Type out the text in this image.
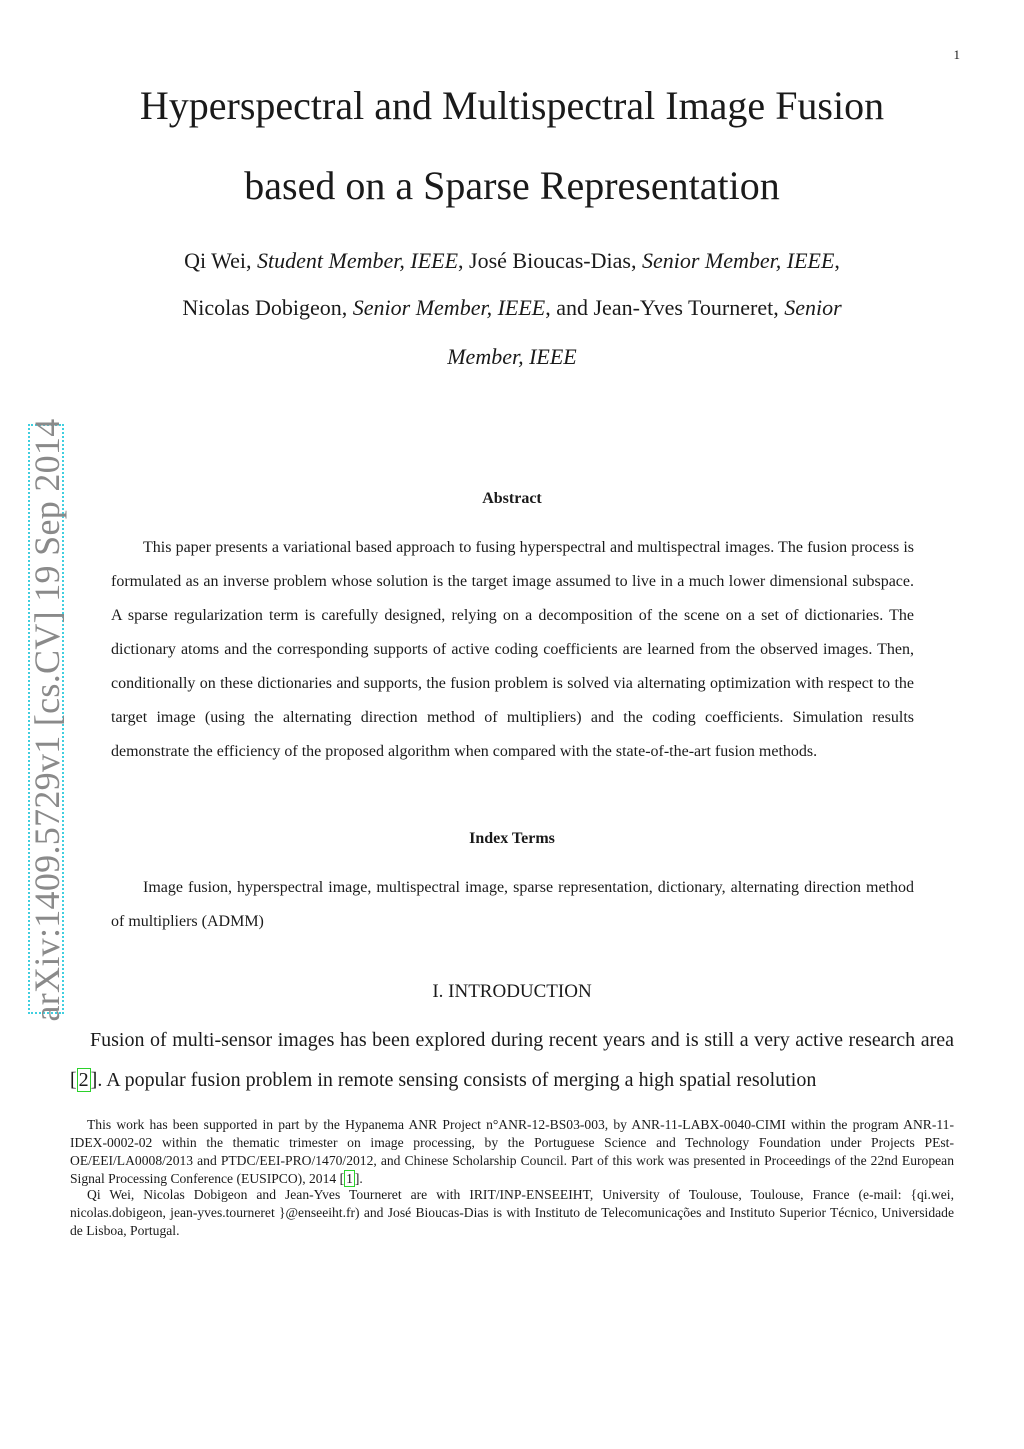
1
Hyperspectral and Multispectral Image Fusion
based on a Sparse Representation
Qi Wei, Student Member, IEEE, José Bioucas-Dias, Senior Member, IEEE,
Nicolas Dobigeon, Senior Member, IEEE, and Jean-Yves Tourneret, Senior
Member, IEEE
arXiv:1409.5729v1 [cs.CV] 19 Sep 2014	Abstract

This paper presents a variational based approach to fusing hyperspectral and multispectral images. The fusion process is formulated as an inverse problem whose solution is the target image assumed to live in a much lower dimensional subspace. A sparse regularization term is carefully designed, relying on a decomposition of the scene on a set of dictionaries. The dictionary atoms and the corresponding supports of active coding coefficients are learned from the observed images. Then, conditionally on these dictionaries and supports, the fusion problem is solved via alternating optimization with respect to the target image (using the alternating direction method of multipliers) and the coding coefficients. Simulation results demonstrate the efficiency of the proposed algorithm when compared with the state-of-the-art fusion methods.

Index Terms

Image fusion, hyperspectral image, multispectral image, sparse representation, dictionary, alternating direction method of multipliers (ADMM)

I. INTRODUCTION

Fusion of multi-sensor images has been explored during recent years and is still a very active research area [ 2 ]. A popular fusion problem in remote sensing consists of merging a high spatial resolution

This work has been supported in part by the Hypanema ANR Project n°ANR-12-BS03-003, by ANR-11-LABX-0040-CIMI within the program ANR-11-IDEX-0002-02 within the thematic trimester on image processing, by the Portuguese Science and Technology Foundation under Projects PEst-OE/EEI/LA0008/2013 and PTDC/EEI-PRO/1470/2012, and Chinese Scholarship Council. Part of this work was presented in Proceedings of the 22nd European Signal Processing Conference (EUSIPCO), 2014 [ 1 ].

Qi Wei, Nicolas Dobigeon and Jean-Yves Tourneret are with IRIT/INP-ENSEEIHT, University of Toulouse, Toulouse, France (e-mail: {qi.wei, nicolas.dobigeon, jean-yves.tourneret }@enseeiht.fr) and José Bioucas-Dias is with Instituto de Telecomunicações and Instituto Superior Técnico, Universidade de Lisboa, Portugal.
